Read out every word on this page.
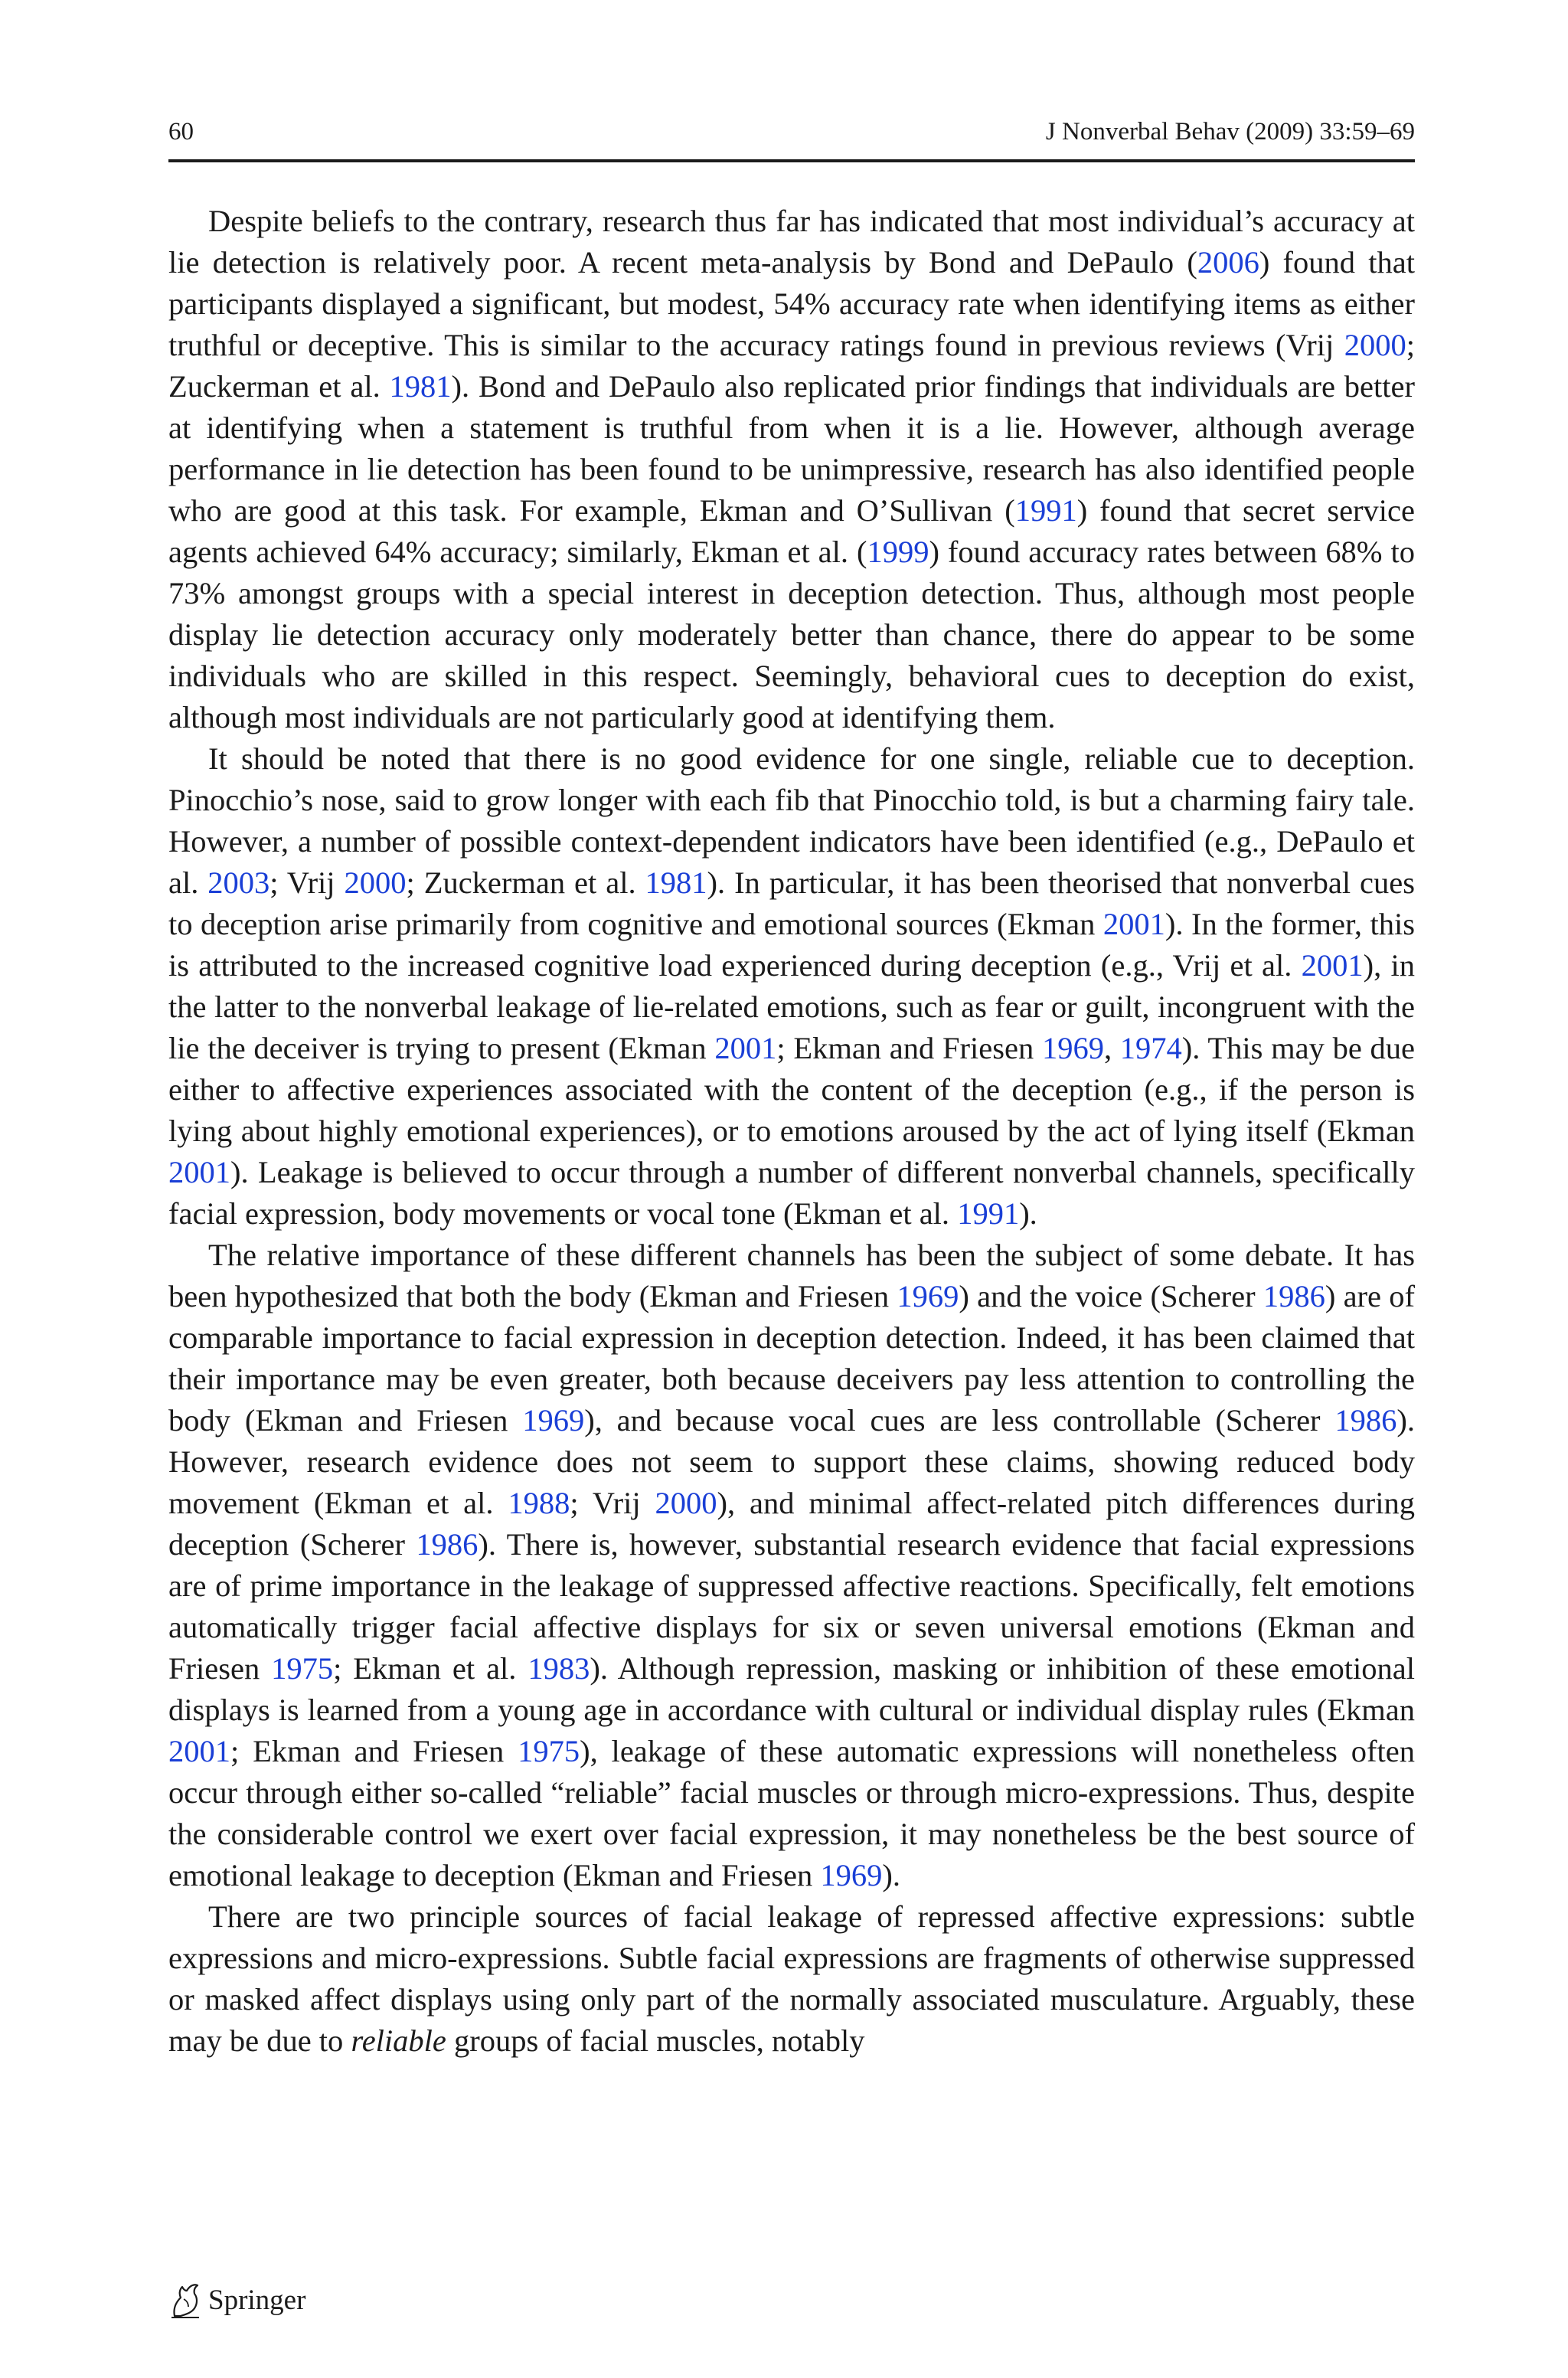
60	J Nonverbal Behav (2009) 33:59–69

Despite beliefs to the contrary, research thus far has indicated that most individual’s accuracy at lie detection is relatively poor. A recent meta-analysis by Bond and DePaulo (2006) found that participants displayed a significant, but modest, 54% accuracy rate when identifying items as either truthful or deceptive. This is similar to the accuracy ratings found in previous reviews (Vrij 2000; Zuckerman et al. 1981). Bond and DePaulo also replicated prior findings that individuals are better at identifying when a statement is truthful from when it is a lie. However, although average performance in lie detection has been found to be unimpressive, research has also identified people who are good at this task. For example, Ekman and O’Sullivan (1991) found that secret service agents achieved 64% accuracy; similarly, Ekman et al. (1999) found accuracy rates between 68% to 73% amongst groups with a special interest in deception detection. Thus, although most people display lie detection accuracy only moderately better than chance, there do appear to be some individuals who are skilled in this respect. Seemingly, behavioral cues to deception do exist, although most individuals are not particularly good at identifying them.

It should be noted that there is no good evidence for one single, reliable cue to deception. Pinocchio’s nose, said to grow longer with each fib that Pinocchio told, is but a charming fairy tale. However, a number of possible context-dependent indicators have been identified (e.g., DePaulo et al. 2003; Vrij 2000; Zuckerman et al. 1981). In particular, it has been theorised that nonverbal cues to deception arise primarily from cognitive and emotional sources (Ekman 2001). In the former, this is attributed to the increased cognitive load experienced during deception (e.g., Vrij et al. 2001), in the latter to the nonverbal leakage of lie-related emotions, such as fear or guilt, incongruent with the lie the deceiver is trying to present (Ekman 2001; Ekman and Friesen 1969, 1974). This may be due either to affective experiences associated with the content of the deception (e.g., if the person is lying about highly emotional experiences), or to emotions aroused by the act of lying itself (Ekman 2001). Leakage is believed to occur through a number of different nonverbal channels, specifically facial expression, body movements or vocal tone (Ekman et al. 1991).

The relative importance of these different channels has been the subject of some debate. It has been hypothesized that both the body (Ekman and Friesen 1969) and the voice (Scherer 1986) are of comparable importance to facial expression in deception detection. Indeed, it has been claimed that their importance may be even greater, both because deceivers pay less attention to controlling the body (Ekman and Friesen 1969), and because vocal cues are less controllable (Scherer 1986). However, research evidence does not seem to support these claims, showing reduced body movement (Ekman et al. 1988; Vrij 2000), and minimal affect-related pitch differences during deception (Scherer 1986). There is, however, substantial research evidence that facial expressions are of prime importance in the leakage of suppressed affective reactions. Specifically, felt emotions automatically trigger facial affective displays for six or seven universal emotions (Ekman and Friesen 1975; Ekman et al. 1983). Although repression, masking or inhibition of these emotional displays is learned from a young age in accordance with cultural or individual display rules (Ekman 2001; Ekman and Friesen 1975), leakage of these automatic expressions will nonetheless often occur through either so-called “reliable” facial muscles or through micro-expressions. Thus, despite the considerable control we exert over facial expression, it may nonetheless be the best source of emotional leakage to deception (Ekman and Friesen 1969).

There are two principle sources of facial leakage of repressed affective expressions: subtle expressions and micro-expressions. Subtle facial expressions are fragments of otherwise suppressed or masked affect displays using only part of the normally associated musculature. Arguably, these may be due to reliable groups of facial muscles, notably

Springer
